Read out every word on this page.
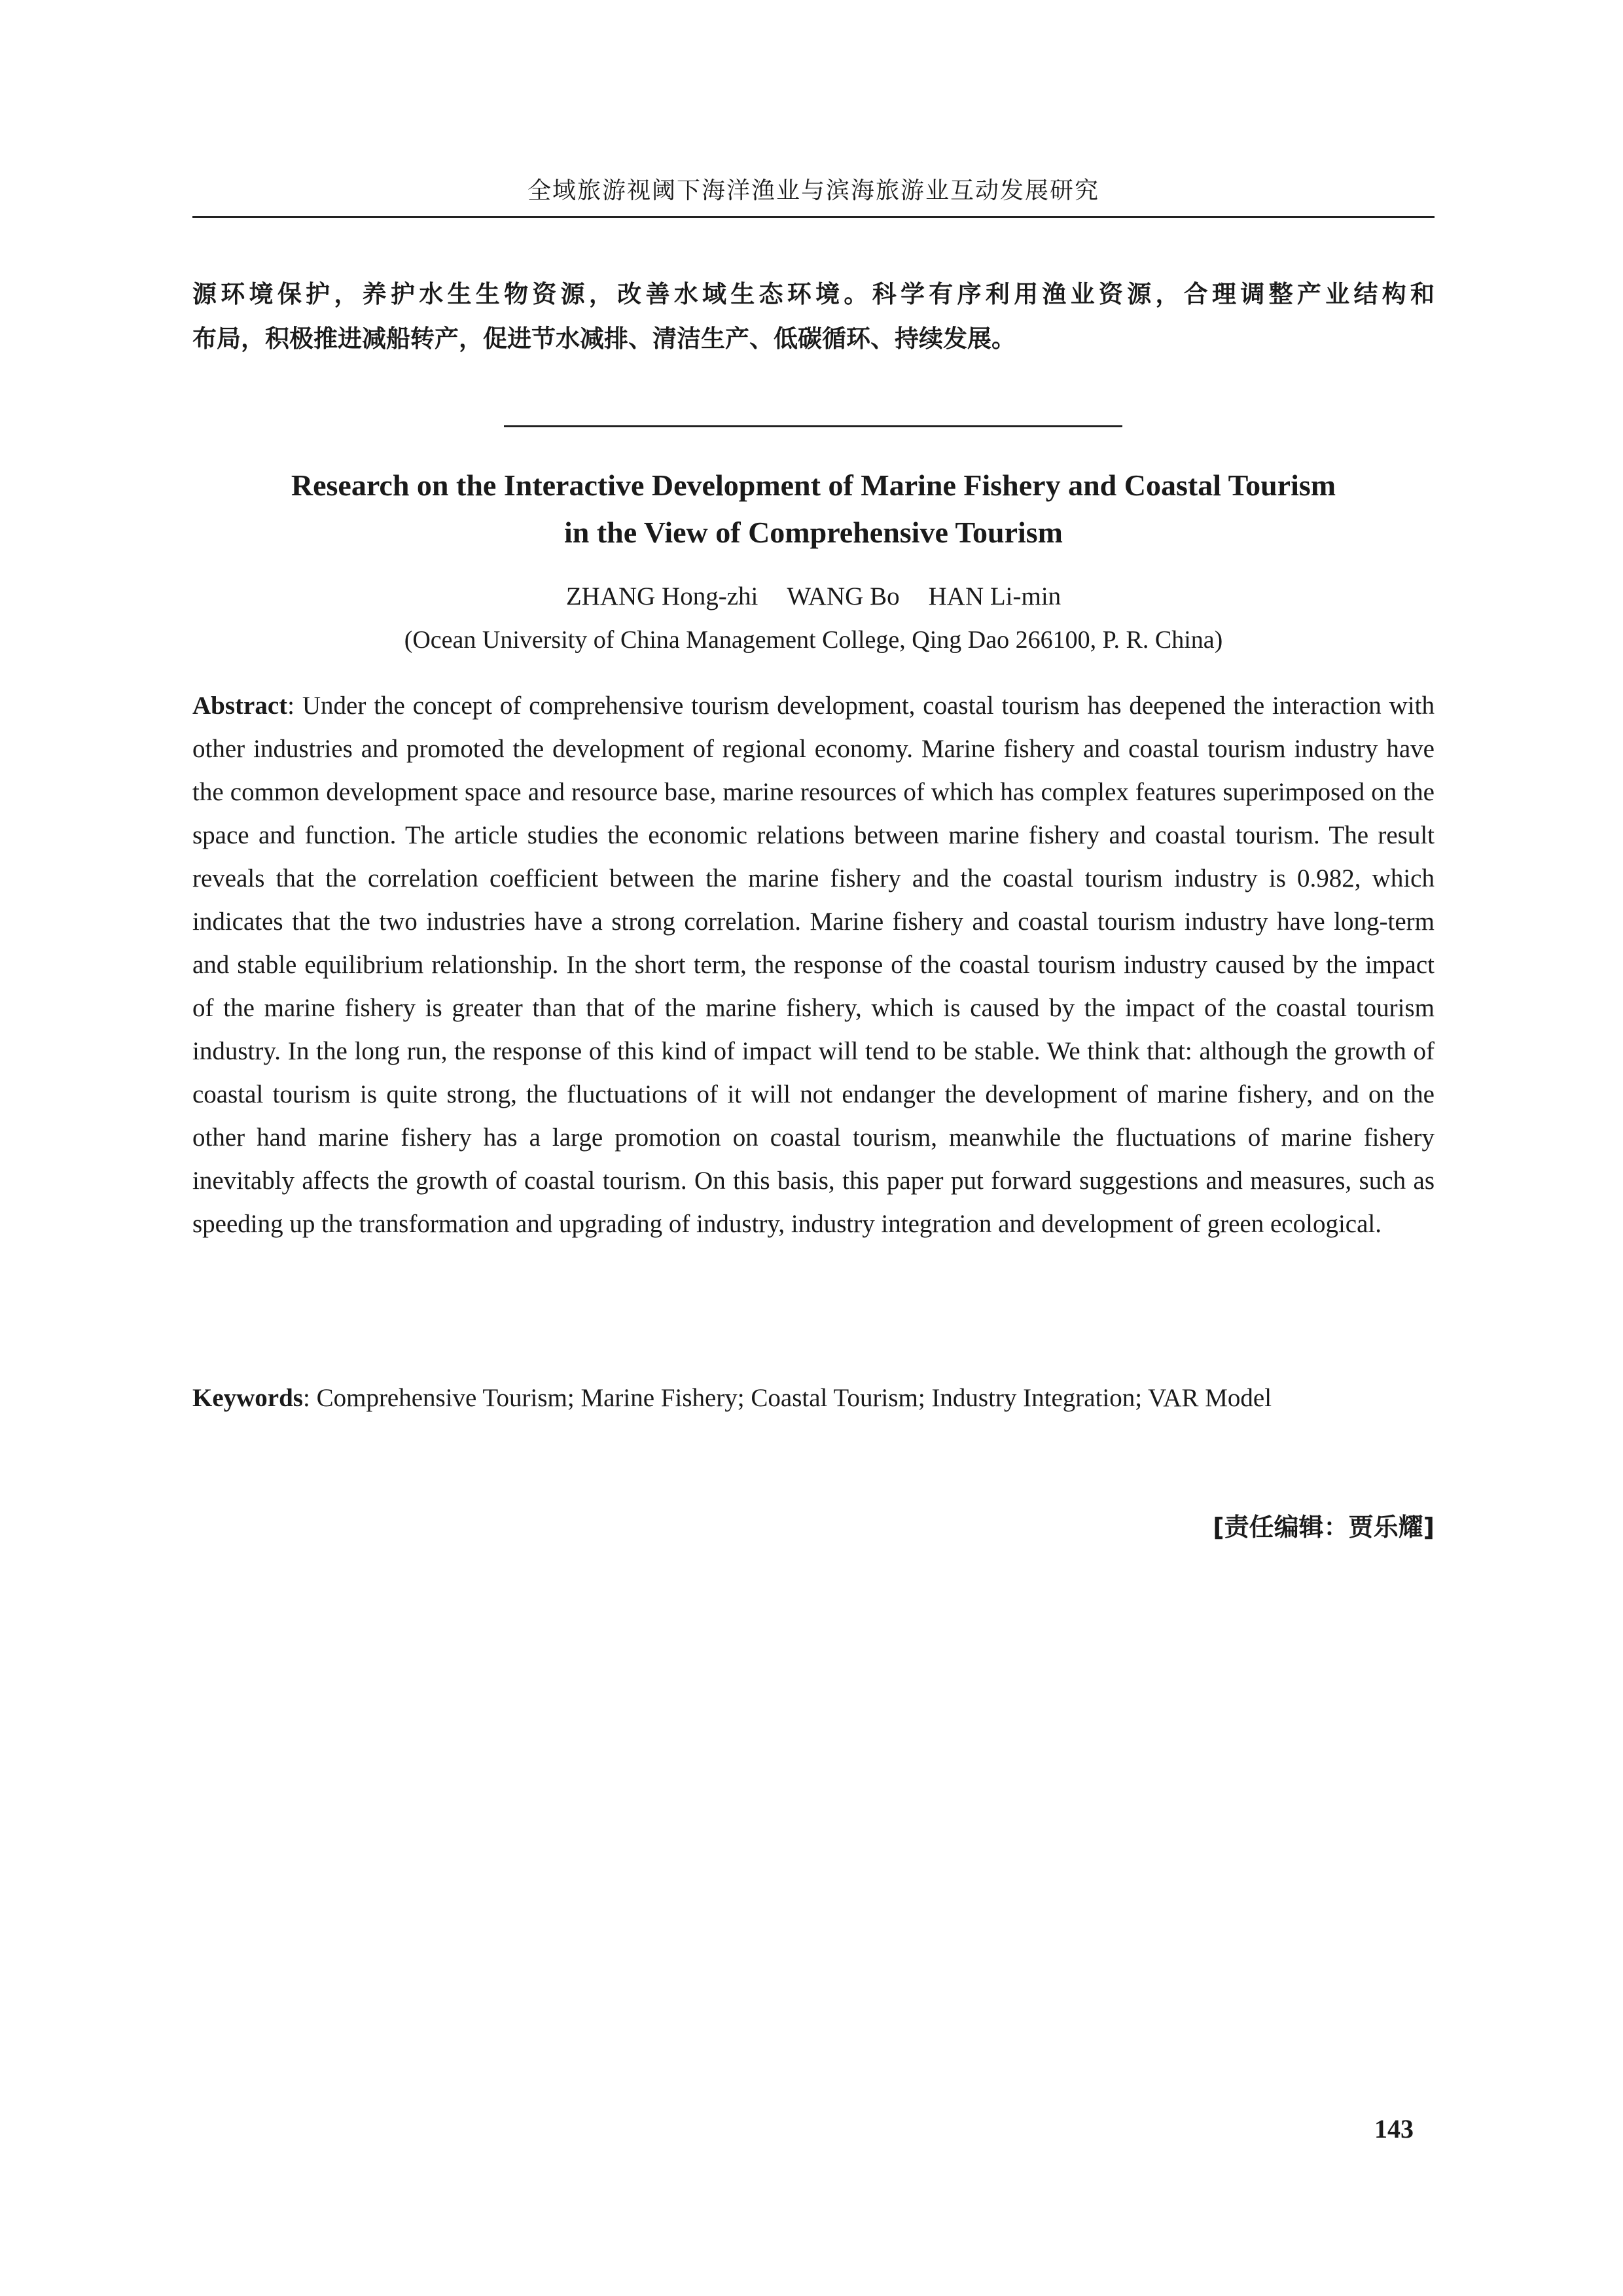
全域旅游视阈下海洋渔业与滨海旅游业互动发展研究
源环境保护，养护水生生物资源，改善水域生态环境。科学有序利用渔业资源，合理调整产业结构和
布局，积极推进减船转产，促进节水减排、清洁生产、低碳循环、持续发展。
Research on the Interactive Development of Marine Fishery and Coastal Tourism
in the View of Comprehensive Tourism
ZHANG Hong-zhi WANG Bo HAN Li-min
(Ocean University of China Management College, Qing Dao 266100, P. R. China)
Abstract: Under the concept of comprehensive tourism development, coastal tourism has deepened the interaction with other industries and promoted the development of regional economy. Marine fishery and coastal tourism industry have the common development space and resource base, marine resources of which has complex features superimposed on the space and function. The article studies the economic relations between marine fishery and coastal tourism. The result reveals that the correlation coefficient between the marine fishery and the coastal tourism industry is 0.982, which indicates that the two industries have a strong correlation. Marine fishery and coastal tourism industry have long-term and stable equilibrium relationship. In the short term, the response of the coastal tourism industry caused by the impact of the marine fishery is greater than that of the marine fishery, which is caused by the impact of the coastal tourism industry. In the long run, the response of this kind of impact will tend to be stable. We think that: although the growth of coastal tourism is quite strong, the fluctuations of it will not endanger the development of marine fishery, and on the other hand marine fishery has a large promotion on coastal tourism, meanwhile the fluctuations of marine fishery inevitably affects the growth of coastal tourism. On this basis, this paper put forward suggestions and measures, such as speeding up the transformation and upgrading of industry, industry integration and development of green ecological.
Keywords: Comprehensive Tourism; Marine Fishery; Coastal Tourism; Industry Integration; VAR Model
[责任编辑：贾乐耀]
143
